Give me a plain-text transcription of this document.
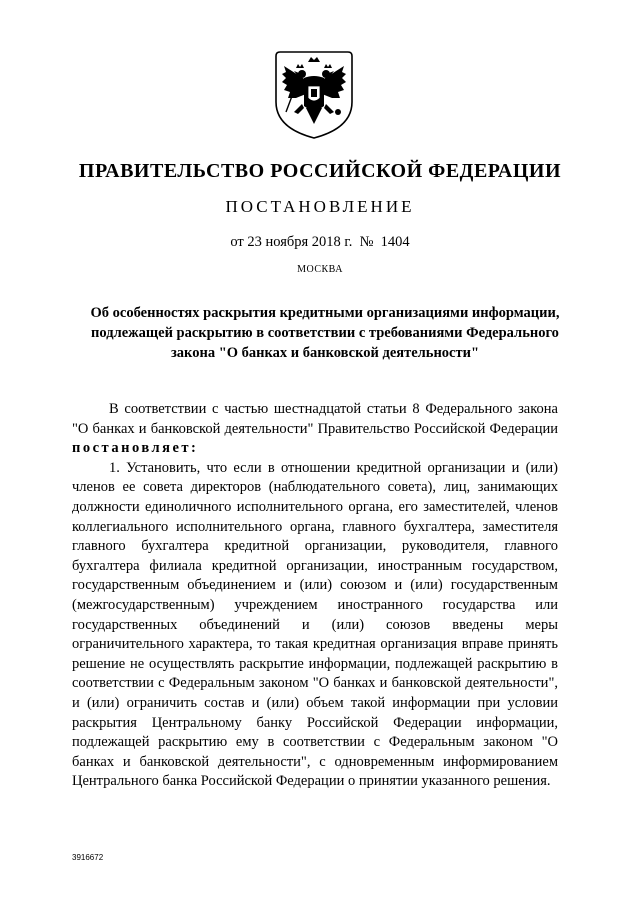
ПРАВИТЕЛЬСТВО РОССИЙСКОЙ ФЕДЕРАЦИИ
ПОСТАНОВЛЕНИЕ
от 23 ноября 2018 г.  №  1404
МОСКВА
Об особенностях раскрытия кредитными организациями информации, подлежащей раскрытию в соответствии с требованиями Федерального закона "О банках и банковской деятельности"

В соответствии с частью шестнадцатой статьи 8 Федерального закона "О банках и банковской деятельности" Правительство Российской Федерации постановляет:

1. Установить, что если в отношении кредитной организации и (или) членов ее совета директоров (наблюдательного совета), лиц, занимающих должности единоличного исполнительного органа, его заместителей, членов коллегиального исполнительного органа, главного бухгалтера, заместителя главного бухгалтера кредитной организации, руководителя, главного бухгалтера филиала кредитной организации, иностранным государством, государственным объединением и (или) союзом и (или) государственным (межгосударственным) учреждением иностранного государства или государственных объединений и (или) союзов введены меры ограничительного характера, то такая кредитная организация вправе принять решение не осуществлять раскрытие информации, подлежащей раскрытию в соответствии с Федеральным законом "О банках и банковской деятельности", и (или) ограничить состав и (или) объем такой информации при условии раскрытия Центральному банку Российской Федерации информации, подлежащей раскрытию ему в соответствии с Федеральным законом "О банках и банковской деятельности", с одновременным информированием Центрального банка Российской Федерации о принятии указанного решения.

3916672
